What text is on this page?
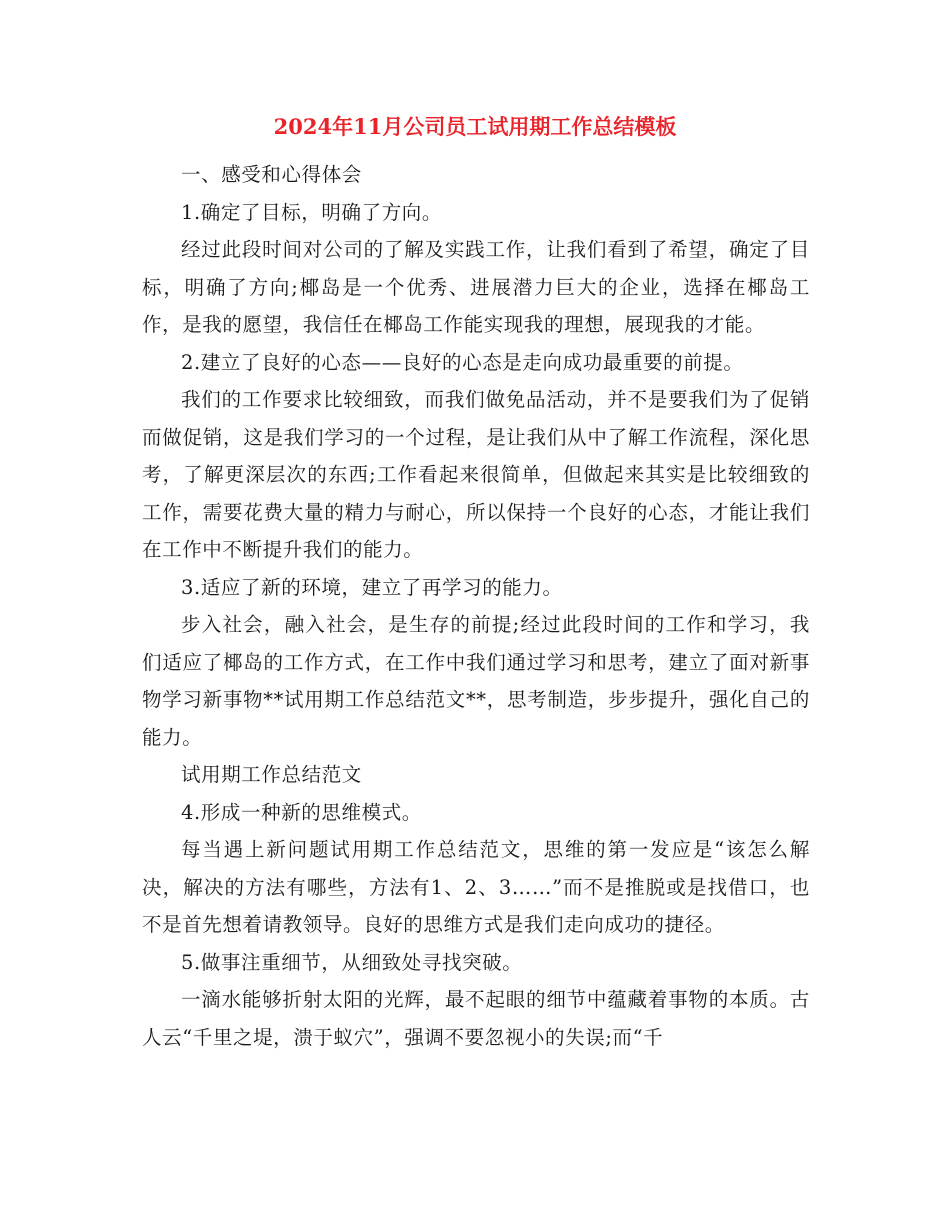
2024年11月公司员工试用期工作总结模板

一、感受和心得体会

1.确定了目标，明确了方向。

经过此段时间对公司的了解及实践工作，让我们看到了希望，确定了目标，明确了方向;椰岛是一个优秀、进展潜力巨大的企业，选择在椰岛工作，是我的愿望，我信任在椰岛工作能实现我的理想，展现我的才能。

2.建立了良好的心态——良好的心态是走向成功最重要的前提。

我们的工作要求比较细致，而我们做免品活动，并不是要我们为了促销而做促销，这是我们学习的一个过程，是让我们从中了解工作流程，深化思考，了解更深层次的东西;工作看起来很简单，但做起来其实是比较细致的工作，需要花费大量的精力与耐心，所以保持一个良好的心态，才能让我们在工作中不断提升我们的能力。

3.适应了新的环境，建立了再学习的能力。

步入社会，融入社会，是生存的前提;经过此段时间的工作和学习，我们适应了椰岛的工作方式，在工作中我们通过学习和思考，建立了面对新事物学习新事物**试用期工作总结范文**，思考制造，步步提升，强化自己的能力。

试用期工作总结范文

4.形成一种新的思维模式。

每当遇上新问题试用期工作总结范文，思维的第一发应是“该怎么解决，解决的方法有哪些，方法有1、2、3……”而不是推脱或是找借口，也不是首先想着请教领导。良好的思维方式是我们走向成功的捷径。

5.做事注重细节，从细致处寻找突破。

一滴水能够折射太阳的光辉，最不起眼的细节中蕴藏着事物的本质。古人云“千里之堤，溃于蚁穴”，强调不要忽视小的失误;而“千
